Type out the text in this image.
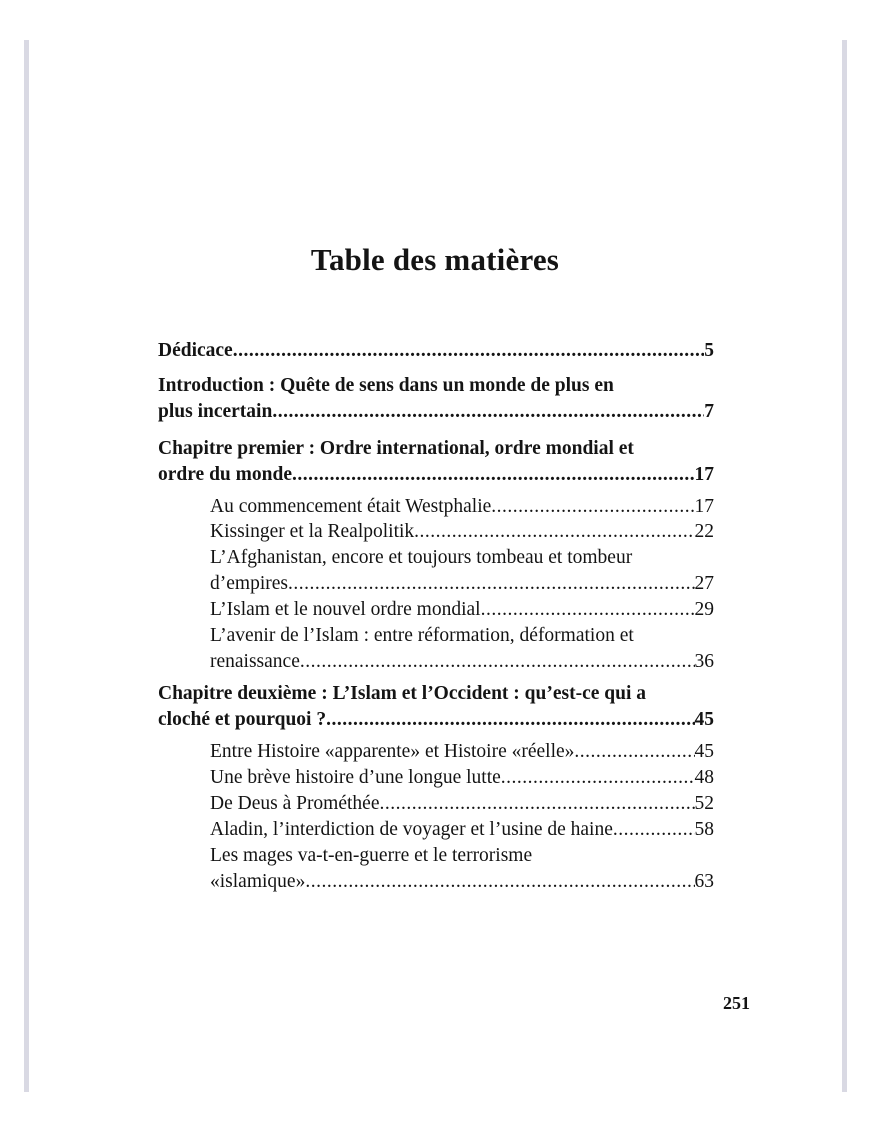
Table des matières
Dédicace .....	5
Introduction : Quête de sens dans un monde de plus en
plus incertain .....	7
Chapitre premier : Ordre international, ordre mondial et
ordre du monde .....	17
Au commencement était Westphalie .....	17
Kissinger et la Realpolitik .....	22
L’Afghanistan, encore et toujours tombeau et tombeur
d’empires .....	27
L’Islam et le nouvel ordre mondial .....	29
L’avenir de l’Islam : entre réformation, déformation et
renaissance .....	36
Chapitre deuxième : L’Islam et l’Occident : qu’est-ce qui a
cloché et pourquoi ? .....	45
Entre Histoire «apparente» et Histoire «réelle» .....	45
Une brève histoire d’une longue lutte .....	48
De Deus à Prométhée .....	52
Aladin, l’interdiction de voyager et l’usine de haine .....	58
Les mages va-t-en-guerre et le terrorisme
«islamique» .....	63
251
